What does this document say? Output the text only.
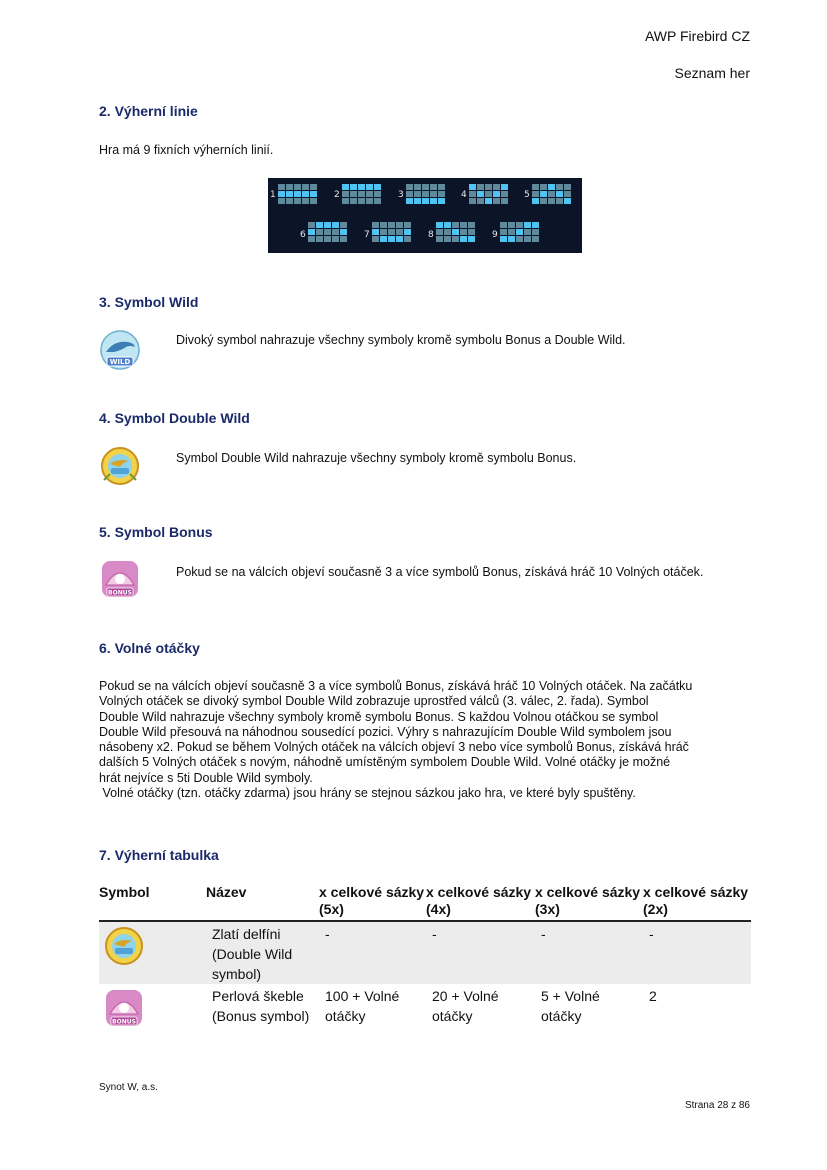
AWP Firebird CZ
Seznam her
2. Výherní linie
Hra má 9 fixních výherních linií.
1	2	3	4	5
6	7	8	9
3. Symbol Wild
WILD
Divoký symbol nahrazuje všechny symboly kromě symbolu Bonus a Double Wild.
4. Symbol Double Wild
Symbol Double Wild nahrazuje všechny symboly kromě symbolu Bonus.
5. Symbol Bonus
BONUS
Pokud se na válcích objeví současně 3 a více symbolů Bonus, získává hráč 10 Volných otáček.
6. Volné otáčky

Pokud se na válcích objeví současně 3 a více symbolů Bonus, získává hráč 10 Volných otáček. Na začátku

Volných otáček se divoký symbol Double Wild zobrazuje uprostřed válců (3. válec, 2. řada). Symbol

Double Wild nahrazuje všechny symboly kromě symbolu Bonus. S každou Volnou otáčkou se symbol

Double Wild přesouvá na náhodnou sousedící pozici. Výhry s nahrazujícím Double Wild symbolem jsou

násobeny x2. Pokud se během Volných otáček na válcích objeví 3 nebo více symbolů Bonus, získává hráč

dalších 5 Volných otáček s novým, náhodně umístěným symbolem Double Wild. Volné otáčky je možné

hrát nejvíce s 5ti Double Wild symboly.

Volné otáčky (tzn. otáčky zdarma) jsou hrány se stejnou sázkou jako hra, ve které byly spuštěny.

7. Výherní tabulka
Symbol	Název	x celkové sázky (5x)	x celkové sázky (4x)	x celkové sázky (3x)	x celkové sázky (2x)
	Zlatí delfíni (Double Wild symbol)	-	-	-	-

BONUS	Perlová škeble (Bonus symbol)	100 + Volné otáčky	20 + Volné otáčky	5 + Volné otáčky	2
Synot W, a.s.
Strana 28 z 86
